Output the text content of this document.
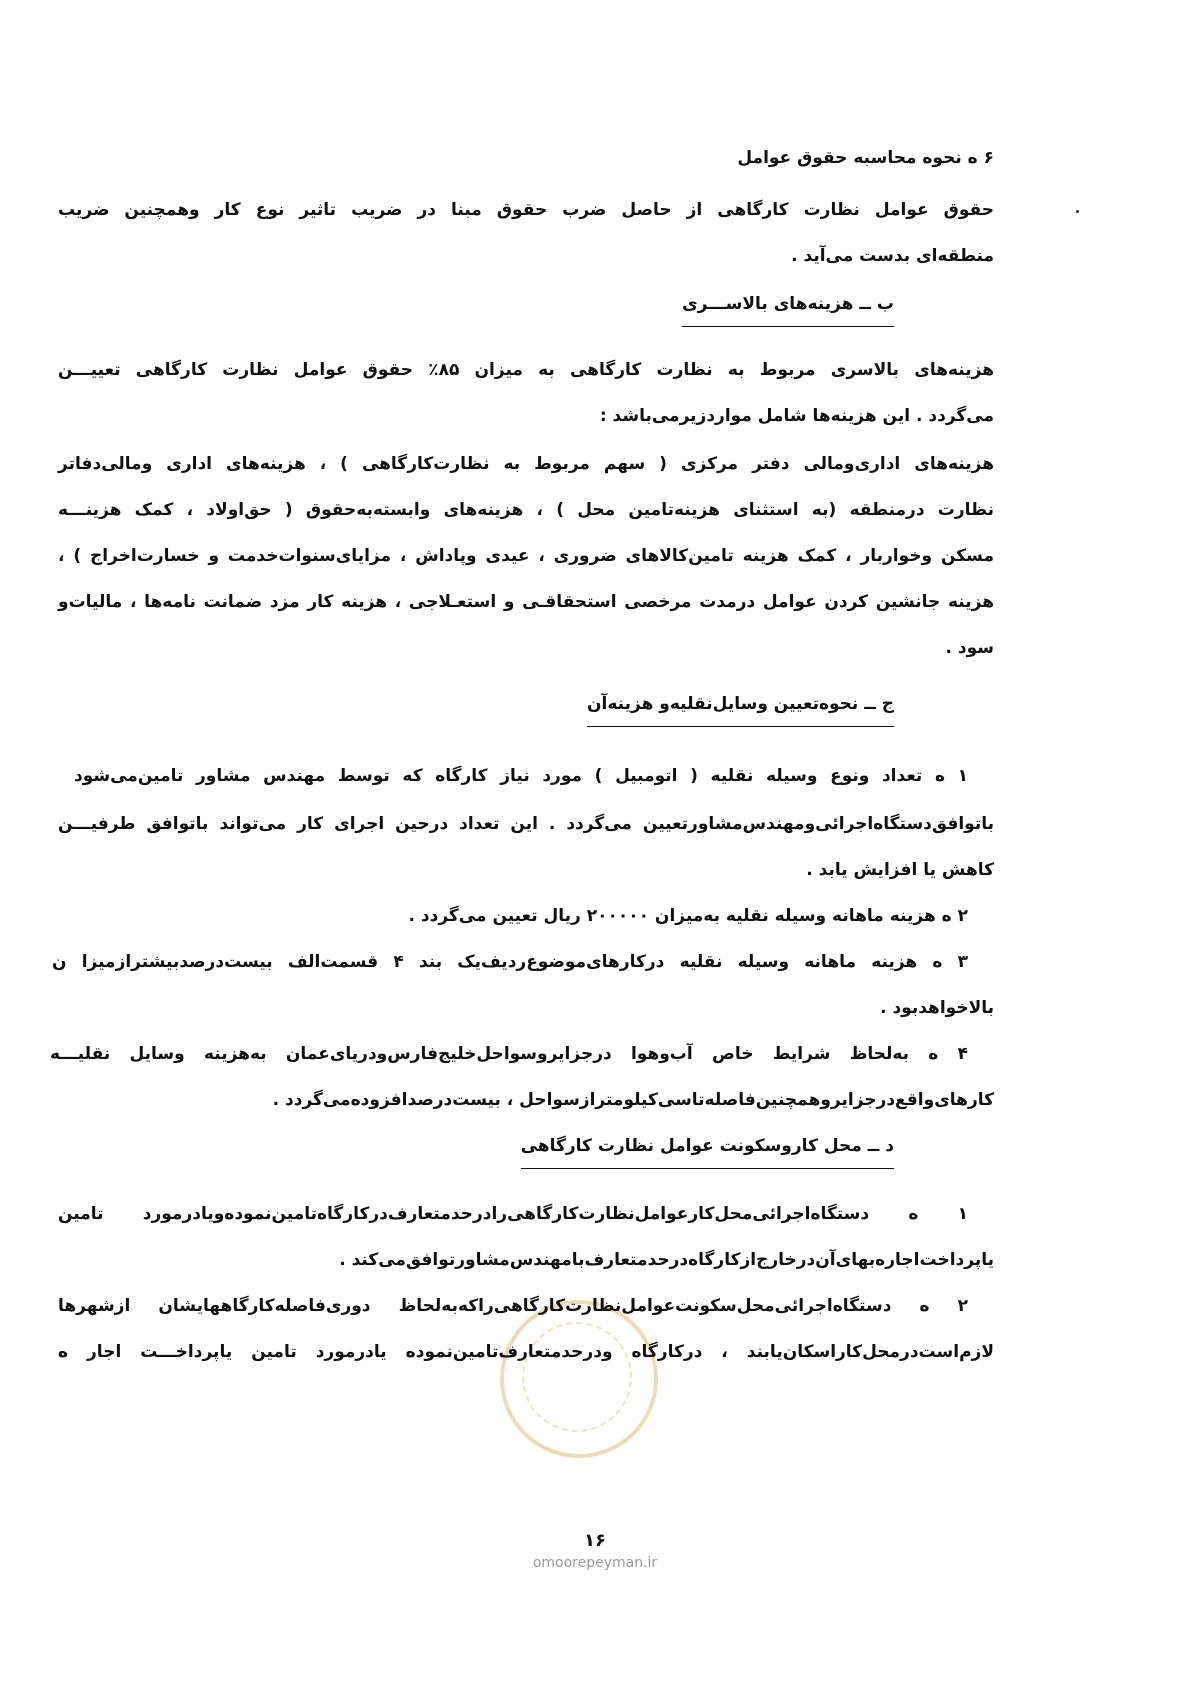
۶ ه نحوه محاسبه حقوق عوامل
حقوق عوامل نظارت کارگاهی از حاصل ضرب حقوق مبنا در ضریب تاثیر نوع کار وهمچنین ضریب
منطقه‌ای بدست می‌آید .
ب ــ هزینه‌های بالاســـری
هزینه‌های بالاسری مربوط به نظارت کارگاهی به میزان ۸۵٪ حقوق عوامل نظارت کارگاهی تعییـــن
می‌گردد . این هزینه‌ها شامل مواردزیرمی‌باشد :
هزینه‌های اداری‌ومالی دفتر مرکزی ( سهم مربوط به نظارت‌کارگاهی ) ، هزینه‌های اداری ومالی‌دفاتر
نظارت درمنطقه (به استثنای هزینه‌تامین محل ) ، هزینه‌های وابسته‌به‌حقوق ( حق‌اولاد ، کمک هزینـــه
مسکن وخواربار ، کمک هزینه تامین‌کالاهای ضروری ، عیدی وپاداش ، مزایای‌سنوات‌خدمت و خسارت‌اخراج ) ،
هزینه جانشین کردن عوامل درمدت مرخصی استحقاقـی و استعـلاجی ، هزینه کار مزد ضمانت نامه‌ها ، مالیات‌و
سود .
ج ــ نحوه‌تعیین وسایل‌نقلیه‌و هزینه‌آن
۱ ه تعداد ونوع وسیله نقلیه ( اتومبیل ) مورد نیاز کارگاه که توسط مهندس مشاور تامین‌می‌شود
باتوافق‌دستگاه‌اجرائی‌ومهندس‌مشاورتعیین می‌گردد . این تعداد درحین اجرای کار می‌تواند باتوافق طرفیـــن
کاهش یا افزایش یابد .
۲ ه هزینه ماهانه وسیله نقلیه به‌میزان ۲۰۰۰۰۰ ریال تعیین می‌گردد .
۳ ه هزینه ماهانه وسیله نقلیه درکارهای‌موضوع‌ردیف‌یک بند ۴ قسمت‌الف بیست‌درصدبیشترازمیزا ن
بالاخواهدبود .
۴ ه به‌لحاظ شرایط خاص آب‌وهوا درجزایروسواحل‌خلیج‌فارس‌ودریای‌عمان به‌هزینه وسایل نقلیـــه
کارهای‌واقع‌درجزایروهمچنین‌فاصله‌تاسی‌کیلومترازسواحل ، بیست‌درصدافزوده‌می‌گردد .
د ــ محل کاروسکونت عوامل نظارت کارگاهی
۱ ه دستگاه‌اجرائی‌محل‌کارعوامل‌نظارت‌کارگاهی‌رادرحدمتعارف‌درکارگاه‌تامین‌نموده‌ویادرمورد تامین
یاپرداخت‌اجاره‌بهای‌آن‌درخارج‌ازکارگاه‌درحدمتعارف‌بامهندس‌مشاورتوافق‌می‌کند .
۲ ه دستگاه‌اجرائی‌محل‌سکونت‌عوامل‌نظارت‌کارگاهی‌راکه‌به‌لحاظ دوری‌فاصله‌کارگاههایشان ازشهرها
لازم‌است‌درمحل‌کاراسکان‌یابند ، درکارگاه ودرحدمتعارف‌تامین‌نموده یادرمورد تامین یاپرداخـــت اجار ه
۱۶
omoorepeyman.ir
